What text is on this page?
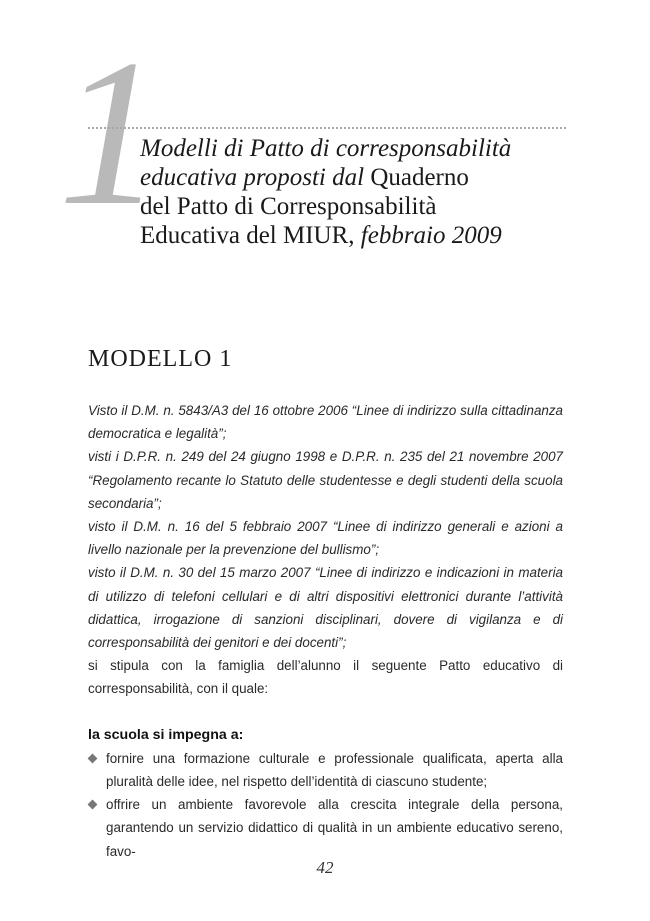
1
Modelli di Patto di corresponsabilità
educativa proposti dal Quaderno
del Patto di Corresponsabilità
Educativa del MIUR, febbraio 2009
MODELLO 1

Visto il D.M. n. 5843/A3 del 16 ottobre 2006 “Linee di indirizzo sulla cittadinanza democratica e legalità”;

visti i D.P.R. n. 249 del 24 giugno 1998 e D.P.R. n. 235 del 21 novembre 2007 “Regolamento recante lo Statuto delle studentesse e degli studenti della scuola secondaria”;

visto il D.M. n. 16 del 5 febbraio 2007 “Linee di indirizzo generali e azioni a livello nazionale per la prevenzione del bullismo”;

visto il D.M. n. 30 del 15 marzo 2007 “Linee di indirizzo e indicazioni in materia di utilizzo di telefoni cellulari e di altri dispositivi elettronici durante l’attività didattica, irrogazione di sanzioni disciplinari, dovere di vigilanza e di corresponsabilità dei genitori e dei docenti”;

si stipula con la famiglia dell’alunno il seguente Patto educativo di corresponsabilità, con il quale:

la scuola si impegna a:

fornire una formazione culturale e professionale qualificata, aperta alla pluralità delle idee, nel rispetto dell’identità di ciascuno studente;
offrire un ambiente favorevole alla crescita integrale della persona, garantendo un servizio didattico di qualità in un ambiente educativo sereno, favo-
42
